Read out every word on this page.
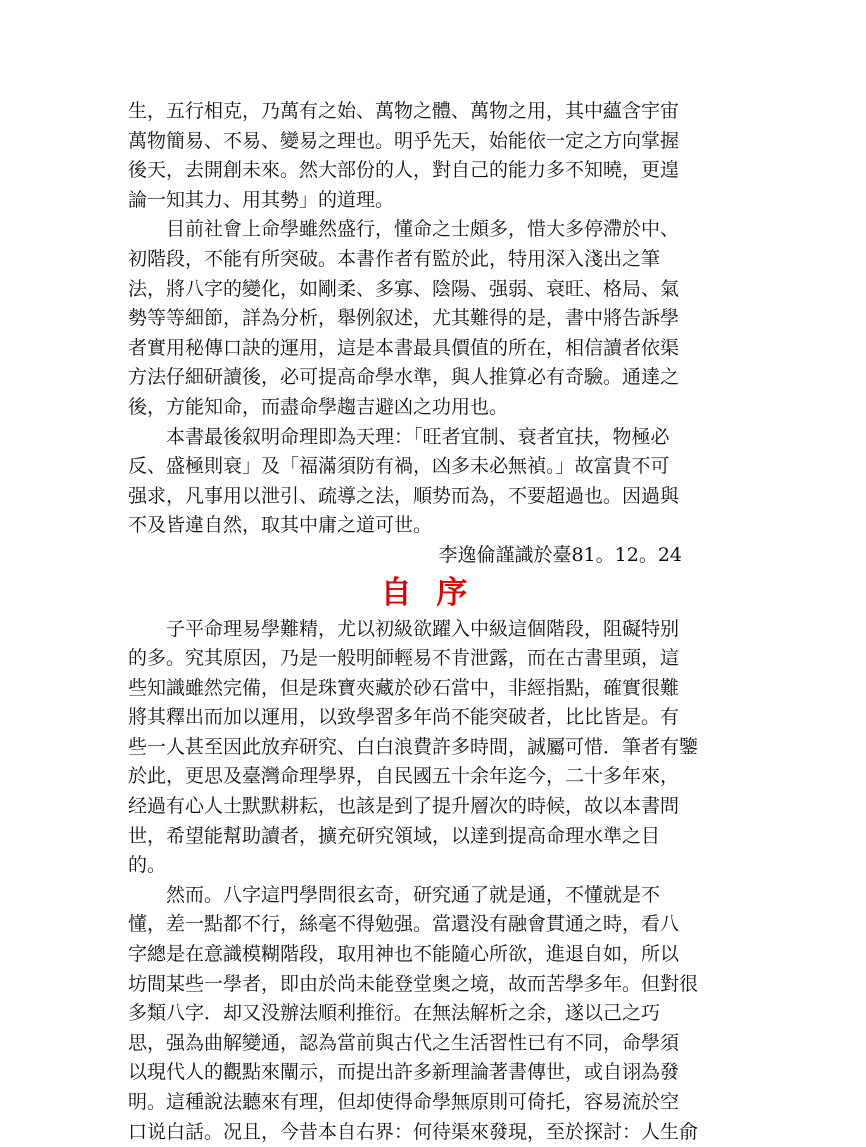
生，五行相克，乃萬有之始、萬物之體、萬物之用，其中蘊含宇宙
萬物簡易、不易、變易之理也。明乎先天，始能依一定之方向掌握
後天，去開創未來。然大部份的人，對自己的能力多不知曉，更遑
論一知其力、用其勢」的道理。
目前社會上命學雖然盛行，懂命之士頗多，惜大多停滯於中、
初階段，不能有所突破。本書作者有監於此，特用深入淺出之筆
法，將八字的變化，如剛柔、多寡、陰陽、强弱、衰旺、格局、氣
勢等等細節，詳為分析，舉例叙述，尤其難得的是，書中將告訴學
者實用秘傳口訣的運用，這是本書最具價值的所在，相信讀者依渠
方法仔細研讀後，必可提高命學水準，與人推算必有奇驗。通達之
後，方能知命，而盡命學趨吉避凶之功用也。
本書最後叙明命理即為天理：「旺者宜制、衰者宜扶，物極必
反、盛極則衰」及「福滿須防有禍，凶多未必無禎。」故富貴不可
强求，凡事用以泄引、疏導之法，順势而為，不要超過也。因過與
不及皆違自然，取其中庸之道可世。
李逸倫謹識於臺81。12。24
自序
子平命理易學難精，尤以初級欲躍入中級這個階段，阻礙特别
的多。究其原因，乃是一般明師輕易不肯泄露，而在古書里頭，這
些知識雖然完備，但是珠寶夾藏於砂石當中，非經指點，確實很難
將其釋出而加以運用，以致學習多年尚不能突破者，比比皆是。有
些一人甚至因此放弃研究、白白浪費許多時間，誠屬可惜．筆者有鑒
於此，更思及臺灣命理學界，自民國五十余年迄今，二十多年來，
经過有心人士默默耕耘，也該是到了提升層次的時候，故以本書問
世，希望能幫助讀者，擴充研究領域，以達到提高命理水準之目
的。
然而。八字這門學問很玄奇，研究通了就是通，不懂就是不
懂，差一點都不行，絲毫不得勉强。當還没有融會貫通之時，看八
字總是在意識模糊階段，取用神也不能隨心所欲，進退自如，所以
坊間某些一學者，即由於尚未能登堂奥之境，故而苦學多年。但對很
多類八字．却又没辦法順利推衍。在無法解析之余，遂以己之巧
思，强為曲解變通，認為當前與古代之生活習性已有不同，命學須
以現代人的觀點來闡示，而提出許多新理論著書傳世，或自诩為發
明。這種說法聽來有理，但却使得命學無原則可倚托，容易流於空
口说白話。况且，今昔本自右界：何待渠來發現，至於探討：人生俞
